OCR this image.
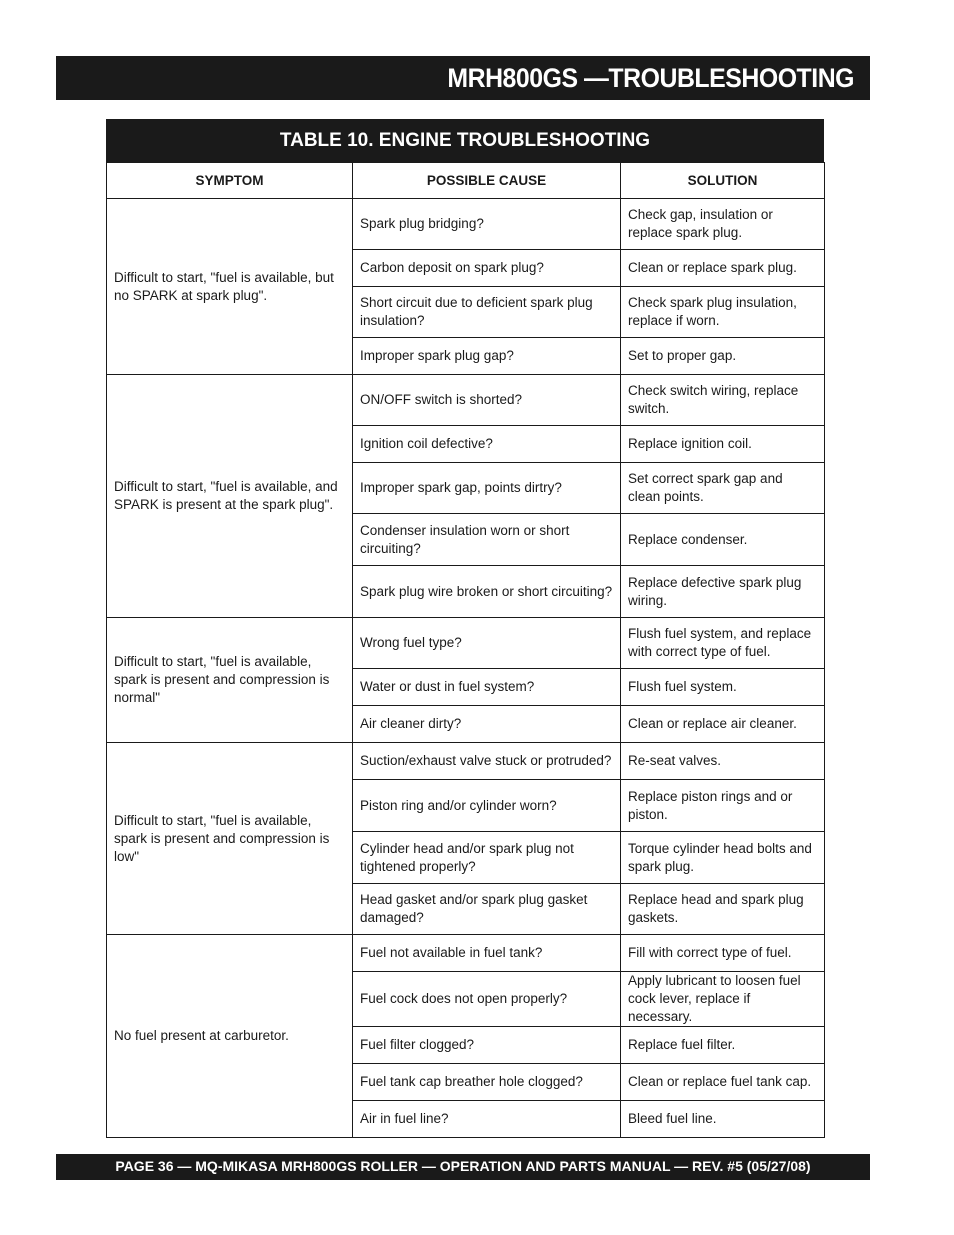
MRH800GS —TROUBLESHOOTING
TABLE 10. ENGINE TROUBLESHOOTING
SYMPTOM	POSSIBLE CAUSE	SOLUTION
Difficult to start, "fuel is available, but no SPARK at spark plug".	Spark plug bridging?	Check gap, insulation or replace spark plug.
	Carbon deposit on spark plug?	Clean or replace spark plug.
	Short circuit due to deficient spark plug insulation?	Check spark plug insulation, replace if worn.
	Improper spark plug gap?	Set to proper gap.
Difficult to start, "fuel is available, and SPARK is present at the spark plug".	ON/OFF switch is shorted?	Check switch wiring, replace switch.
	Ignition coil defective?	Replace ignition coil.
	Improper spark gap, points dirtry?	Set correct spark gap and clean points.
	Condenser insulation worn or short circuiting?	Replace condenser.
	Spark plug wire broken or short circuiting?	Replace defective spark plug wiring.
Difficult to start, "fuel is available, spark is present and compression is normal"	Wrong fuel type?	Flush fuel system, and replace with correct type of fuel.
	Water or dust in fuel system?	Flush fuel system.
	Air cleaner dirty?	Clean or replace air cleaner.
Difficult to start, "fuel is available, spark is present and compression is low"	Suction/exhaust valve stuck or protruded?	Re-seat valves.
	Piston ring and/or cylinder worn?	Replace piston rings and or piston.
	Cylinder head and/or spark plug not tightened properly?	Torque cylinder head bolts and spark plug.
	Head gasket and/or spark plug gasket damaged?	Replace head and spark plug gaskets.
No fuel present at carburetor.	Fuel not available in fuel tank?	Fill with correct type of fuel.
	Fuel cock does not open properly?	Apply lubricant to loosen fuel cock lever, replace if necessary.
	Fuel filter clogged?	Replace fuel filter.
	Fuel tank cap breather hole clogged?	Clean or replace fuel tank cap.
	Air in fuel line?	Bleed fuel line.
PAGE 36 — MQ-MIKASA MRH800GS ROLLER — OPERATION AND PARTS MANUAL — REV. #5 (05/27/08)
